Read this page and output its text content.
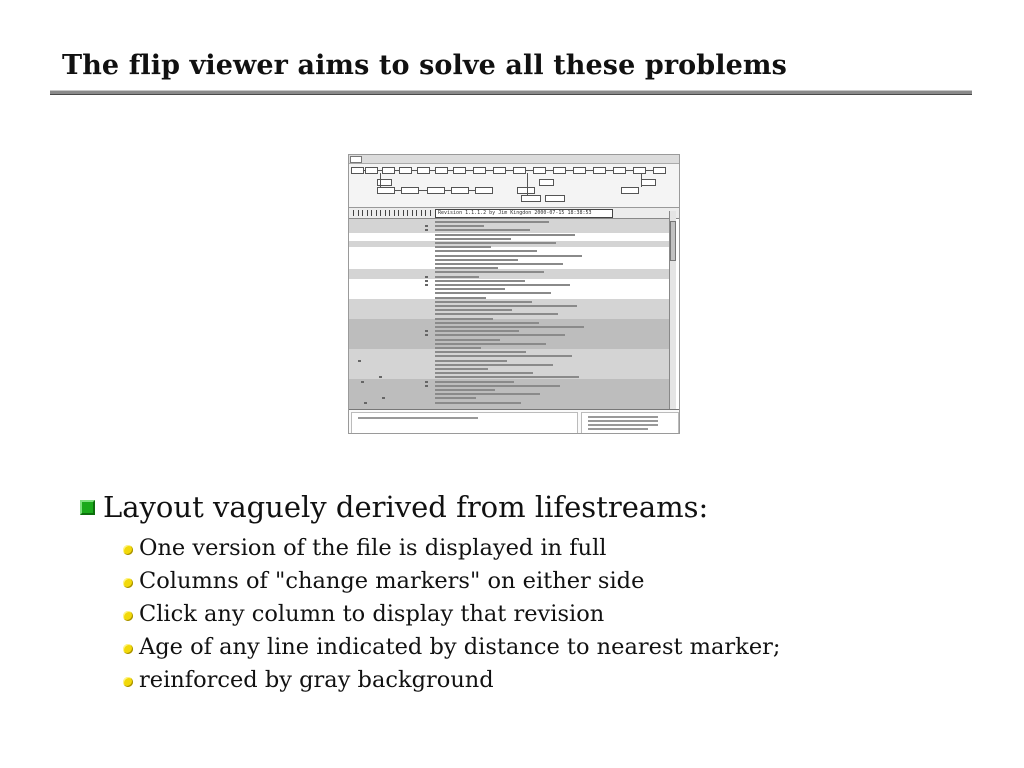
The flip viewer aims to solve all these problems
Revision 1.1.1.2 by Jim Kingdon 2000-07-15 18:38:53
Layout vaguely derived from lifestreams:
One version of the file is displayed in full
Columns of "change markers" on either side
Click any column to display that revision
Age of any line indicated by distance to nearest marker;
reinforced by gray background
